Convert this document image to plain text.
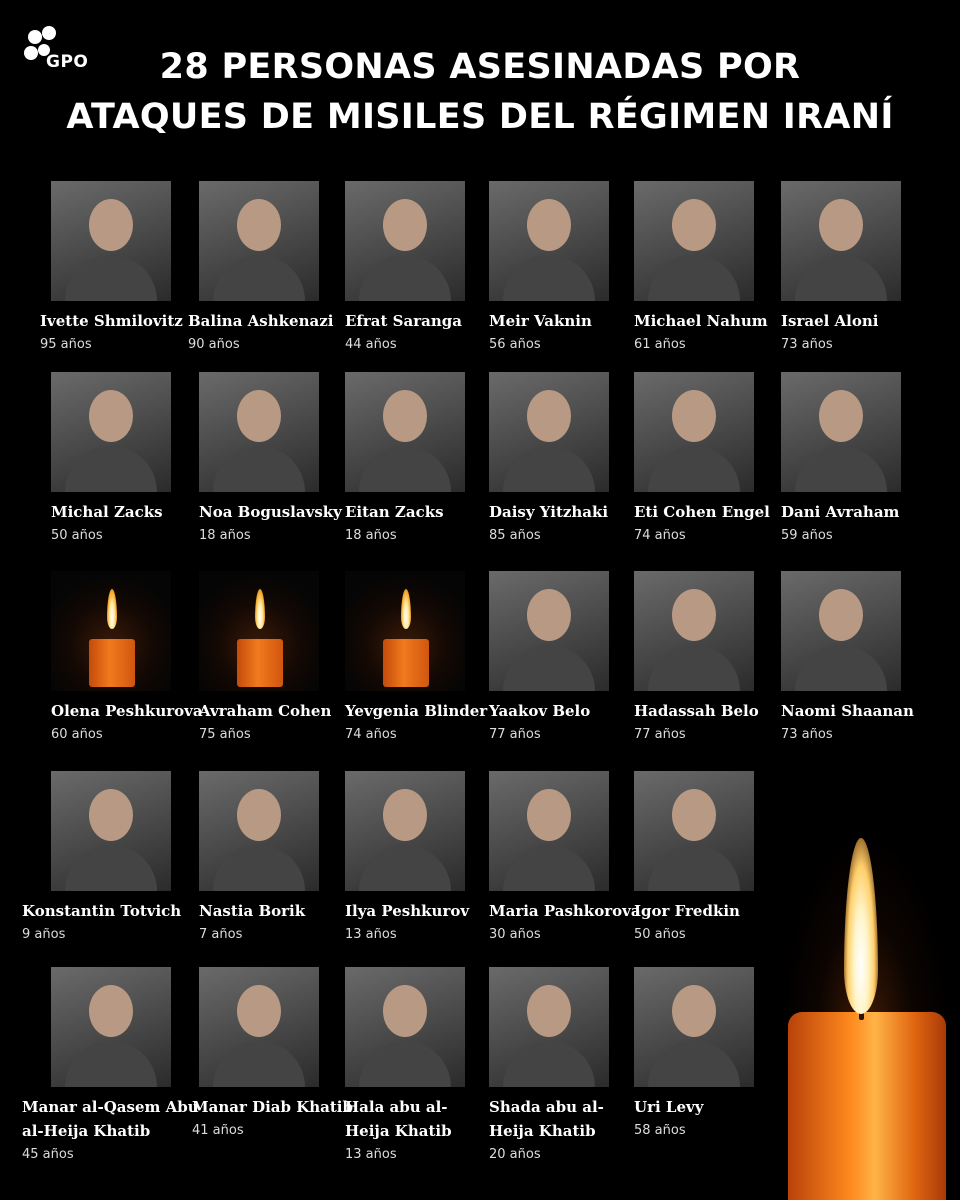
GPO	28 PERSONAS ASESINADAS POR
ATAQUES DE MISILES DEL RÉGIMEN IRANÍ
Ivette Shmilovitz
95 años
Balina Ashkenazi
90 años
Efrat Saranga
44 años
Meir Vaknin
56 años
Michael Nahum
61 años
Israel Aloni
73 años
Michal Zacks
50 años
Noa Boguslavsky
18 años
Eitan Zacks
18 años
Daisy Yitzhaki
85 años
Eti Cohen Engel
74 años
Dani Avraham
59 años
Olena Peshkurova
60 años
Avraham Cohen
75 años
Yevgenia Blinder
74 años
Yaakov Belo
77 años
Hadassah Belo
77 años
Naomi Shaanan
73 años
Konstantin Totvich
9 años
Nastia Borik
7 años
Ilya Peshkurov
13 años
Maria Pashkorova
30 años
Igor Fredkin
50 años
Manar al-Qasem Abu al-Heija Khatib
45 años
Manar Diab Khatib
41 años
Hala abu al-Heija Khatib
13 años
Shada abu al-Heija Khatib
20 años
Uri Levy
58 años
